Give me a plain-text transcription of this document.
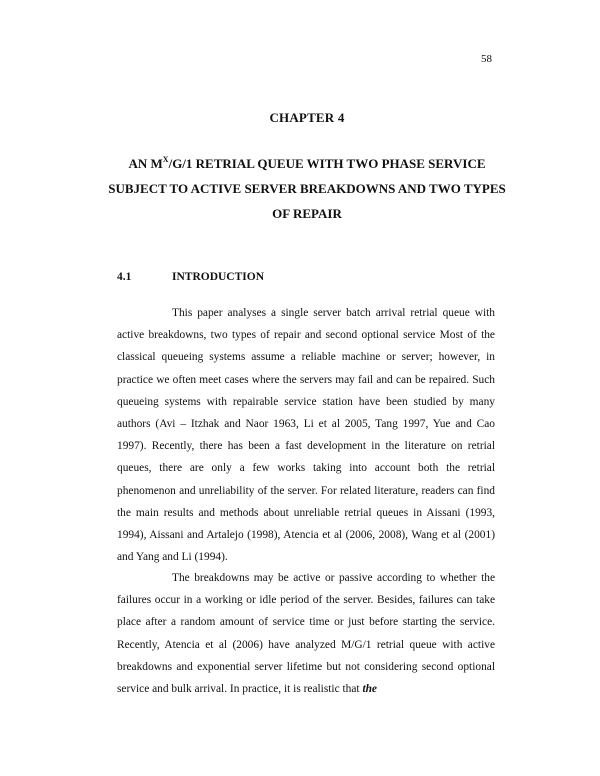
58
CHAPTER 4
AN $M^X/G/1$ RETRIAL QUEUE WITH TWO PHASE SERVICE SUBJECT TO ACTIVE SERVER BREAKDOWNS AND TWO TYPES OF REPAIR
4.1	INTRODUCTION

This paper analyses a single server batch arrival retrial queue with active breakdowns, two types of repair and second optional service Most of the classical queueing systems assume a reliable machine or server; however, in practice we often meet cases where the servers may fail and can be repaired. Such queueing systems with repairable service station have been studied by many authors (Avi – Itzhak and Naor 1963, Li et al 2005, Tang 1997, Yue and Cao 1997). Recently, there has been a fast development in the literature on retrial queues, there are only a few works taking into account both the retrial phenomenon and unreliability of the server. For related literature, readers can find the main results and methods about unreliable retrial queues in Aissani (1993, 1994), Aissani and Artalejo (1998), Atencia et al (2006, 2008), Wang et al (2001) and Yang and Li (1994).

The breakdowns may be active or passive according to whether the failures occur in a working or idle period of the server. Besides, failures can take place after a random amount of service time or just before starting the service. Recently, Atencia et al (2006) have analyzed M/G/1 retrial queue with active breakdowns and exponential server lifetime but not considering second optional service and bulk arrival. In practice, it is realistic that the
